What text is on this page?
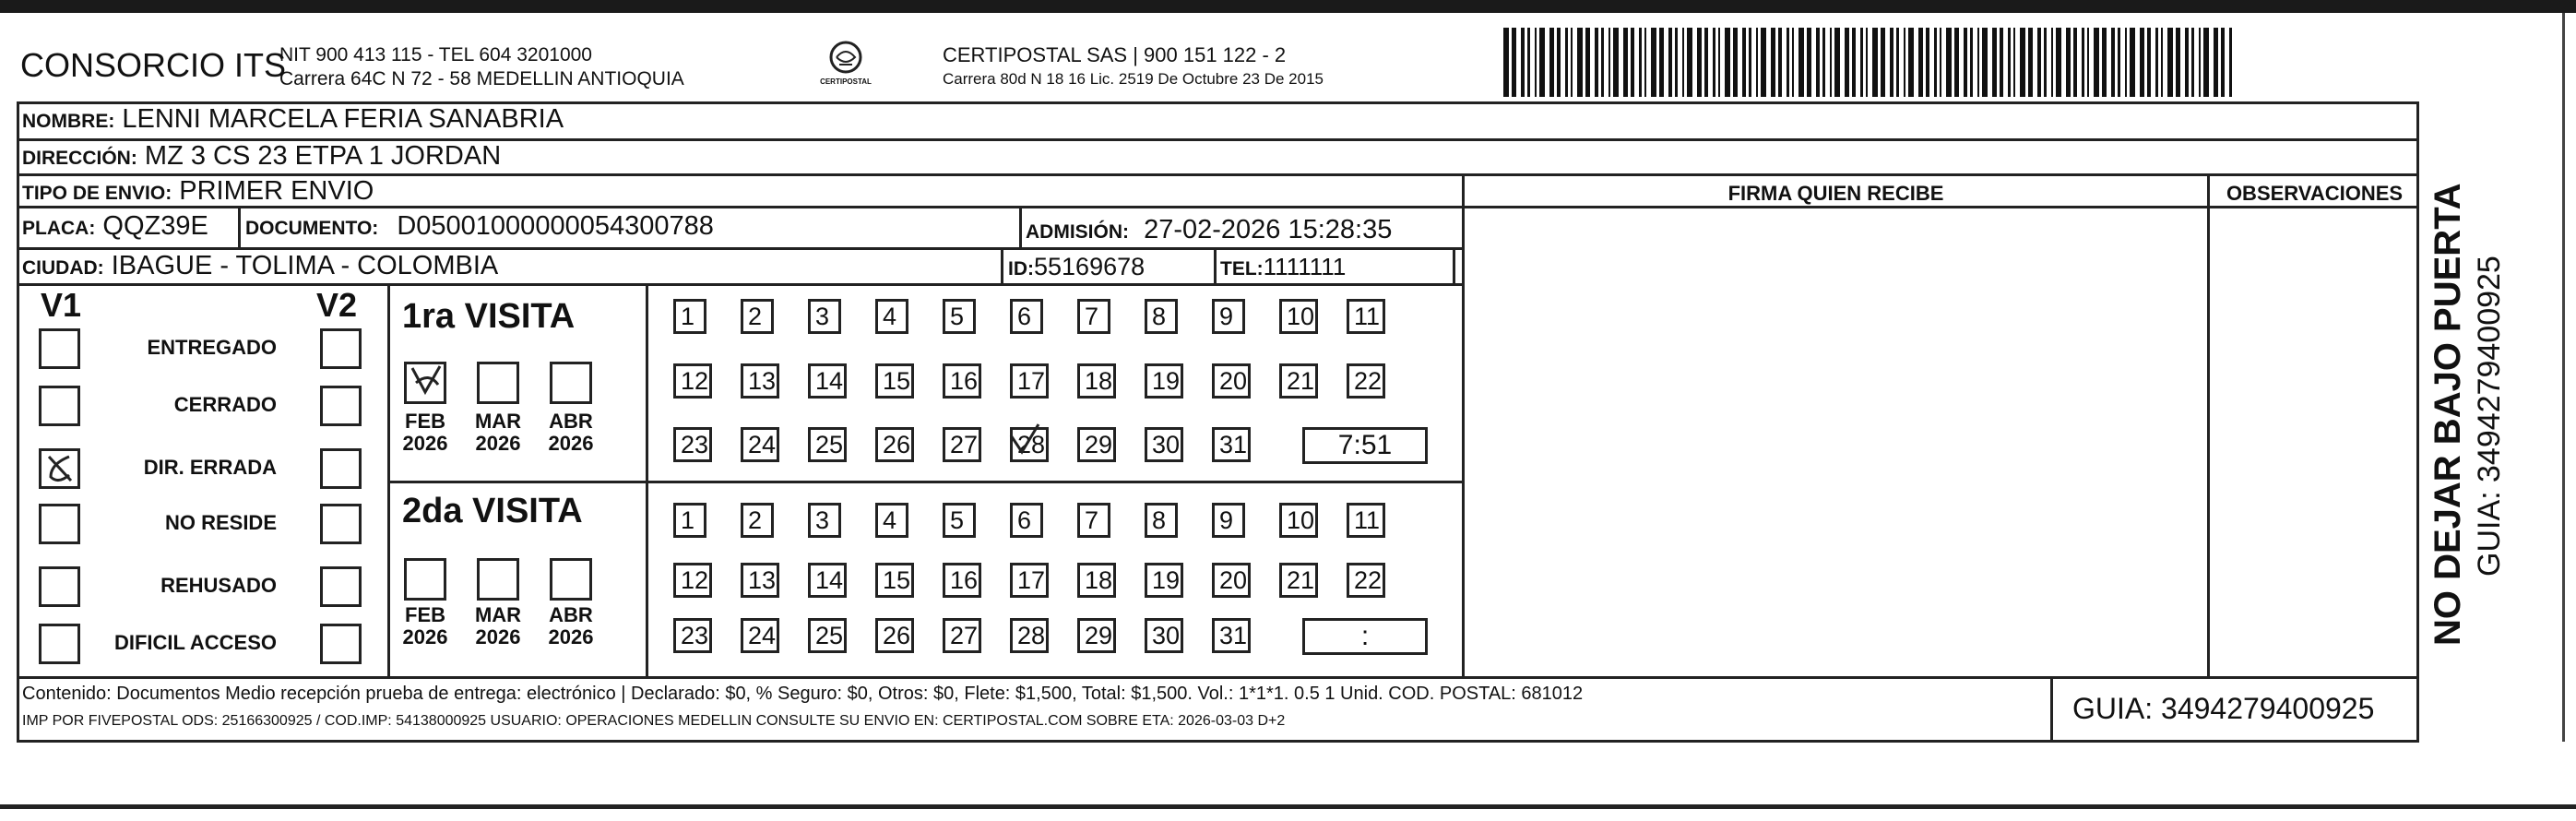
CONSORCIO ITS
NIT 900 413 115 - TEL 604 3201000
Carrera 64C N 72 - 58 MEDELLIN ANTIOQUIA	CERTIPOSTAL
CERTIPOSTAL SAS | 900 151 122 - 2
Carrera 80d N 18 16 Lic. 2519 De Octubre 23 De 2015
NOMBRE: LENNI MARCELA FERIA SANABRIA
DIRECCIÓN: MZ 3 CS 23 ETPA 1 JORDAN
TIPO DE ENVIO: PRIMER ENVIO	FIRMA QUIEN RECIBE	OBSERVACIONES
PLACA: QQZ39E DOCUMENTO: D05001000000054300788	ADMISIÓN: 27-02-2026 15:28:35
CIUDAD: IBAGUE - TOLIMA - COLOMBIA	ID:55169678	TEL:1111111
V1	V2
ENTREGADO
CERRADO
DIR. ERRADA
NO RESIDE
REHUSADO
DIFICIL ACCESO
1ra VISITA
2da VISITA
FEB
2026
MAR
2026
ABR
2026
FEB
2026
MAR
2026
ABR
2026
1	2	3	4	5	6	7	8	9	10 11
12 13 14 15 16 17 18 19 20 21 22
23 24 25 26 27 28 29 30 31	7:51
1	2	3	4	5	6	7	8	9	10 11
12 13 14 15 16 17 18 19 20 21 22
23 24 25 26 27 28 29 30 31	:
Contenido: Documentos Medio recepción prueba de entrega: electrónico | Declarado: $0, % Seguro: $0, Otros: $0, Flete: $1,500, Total: $1,500. Vol.: 1*1*1. 0.5 1 Unid. COD. POSTAL: 681012
IMP POR FIVEPOSTAL ODS: 25166300925 / COD.IMP: 54138000925 USUARIO: OPERACIONES MEDELLIN CONSULTE SU ENVIO EN: CERTIPOSTAL.COM SOBRE ETA: 2026-03-03 D+2	GUIA: 3494279400925
NO DEJAR BAJO PUERTA GUIA: 3494279400925
